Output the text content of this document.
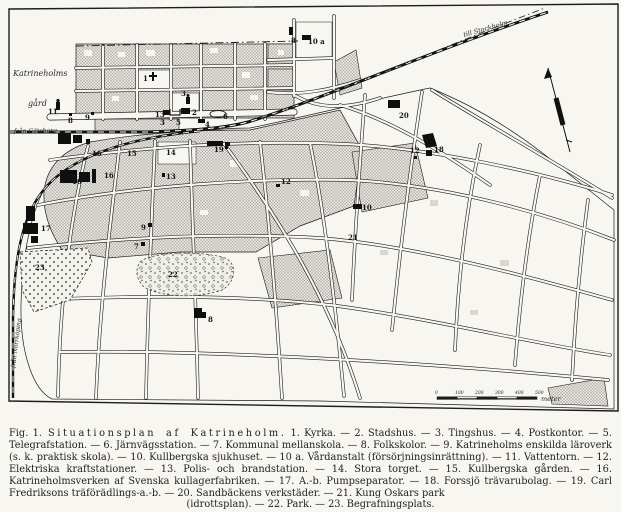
0	100	200	300	400	500
meter
1
2
3
3	4
5
6
7
8
8
8
9
9
10
10 a
11
12
12
13
13
14
15
16
16
16
17
18
19
20
21
22
23
Katrineholms
gård
från Göteborg
till Stockholm
från Norrköping
Fig. 1. Situationsplan af Katrineholm. 1. Kyrka. — 2. Stadshus. — 3. Tingshus. — 4. Postkontor. — 5. Telegrafstation. — 6. Järnvägsstation. — 7. Kommunal mellanskola. — 8. Folkskolor. — 9. Katrineholms enskilda läroverk (s. k. praktisk skola). — 10. Kullbergska sjukhuset. — 10 a. Vårdanstalt (försörjningsinrättning). — 11. Vattentorn. — 12. Elektriska kraftstationer. — 13. Polis- och brandstation. — 14. Stora torget. — 15. Kullbergska gården. — 16. Katrineholmsverken af Svenska kullagerfabriken. — 17. A.-b. Pumpseparator. — 18. Forssjö trävarubolag. — 19. Carl Fredriksons träförädlings-a.-b. — 20. Sandbäckens verkstäder. — 21. Kung Oskars park
(idrottsplan). — 22. Park. — 23. Begrafningsplats.
